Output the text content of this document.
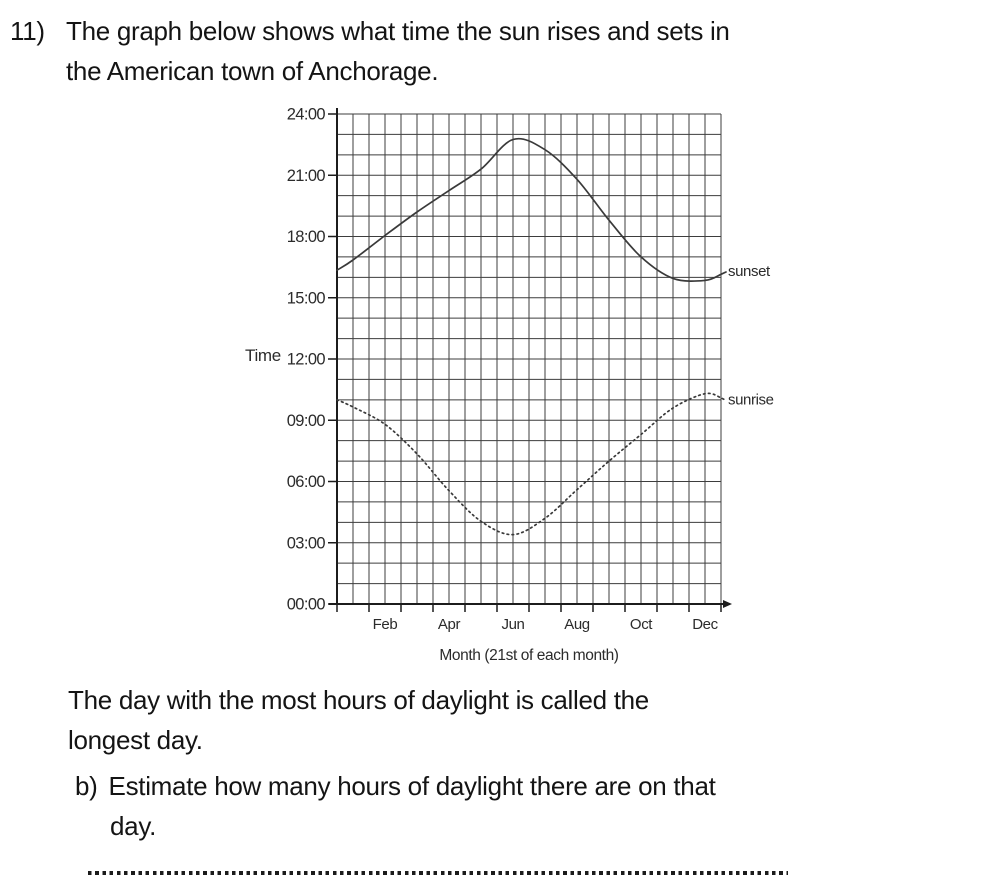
11) The graph below shows what time the sun rises and sets in
the American town of Anchorage.
24:00
21:00
18:00
15:00
12:00
09:00
06:00
03:00
00:00
Feb	Apr	Jun	Aug	Oct	Dec
Time
Month (21st of each month)
sunset
sunrise
The day with the most hours of daylight is called the
longest day.
b) Estimate how many hours of daylight there are on that
day.
